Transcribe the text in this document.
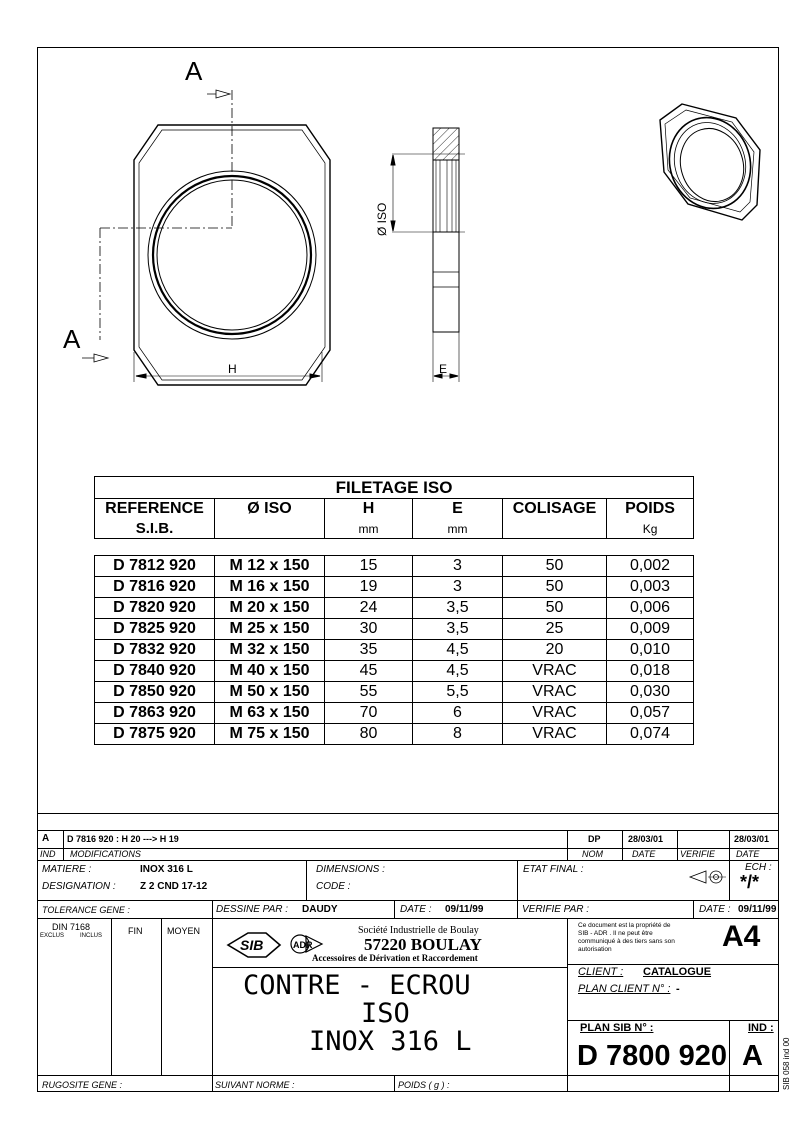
A
A
H
Ø ISO
E
FILETAGE ISO					
REFERENCE	Ø ISO	H	E	COLISAGE	POIDS
S.I.B.		mm	mm		Kg

D 7812 920	M 12 x 150	15	3	50	0,002
D 7816 920	M 16 x 150	19	3	50	0,003
D 7820 920	M 20 x 150	24	3,5	50	0,006
D 7825 920	M 25 x 150	30	3,5	25	0,009
D 7832 920	M 32 x 150	35	4,5	20	0,010
D 7840 920	M 40 x 150	45	4,5	VRAC	0,018
D 7850 920	M 50 x 150	55	5,5	VRAC	0,030
D 7863 920	M 63 x 150	70	6	VRAC	0,057
D 7875 920	M 75 x 150	80	8	VRAC	0,074
A D 7816 920 : H 20 ---> H 19	DP	28/03/01	28/03/01
IND MODIFICATIONS	NOM	DATE	VERIFIE DATE
MATIERE :	INOX 316 L
DESIGNATION : Z 2 CND 17-12
DIMENSIONS :
CODE :
ETAT FINAL :	ECH :
*/*
TOLERANCE GENE :	DESSINE PAR : DAUDY	DATE : 09/11/99	VERIFIE PAR :	DATE : 09/11/99
DIN 7168
EXCLUS	INCLUS	FIN	MOYEN
SIB	ADR
Société Industrielle de Boulay
57220 BOULAY
Accessoires de Dérivation et Raccordement
Ce document est la propriété de
SIB - ADR . Il ne peut être
communiqué à des tiers sans son
autorisation	A4
CLIENT : CATALOGUE
PLAN CLIENT N° : -
CONTRE - ECROU
ISO
INOX 316 L	PLAN SIB N° :	IND :
D 7800 920 A
RUGOSITE GENE :	SUIVANT NORME :	POIDS ( g ) :	SIB 058 ind 00
